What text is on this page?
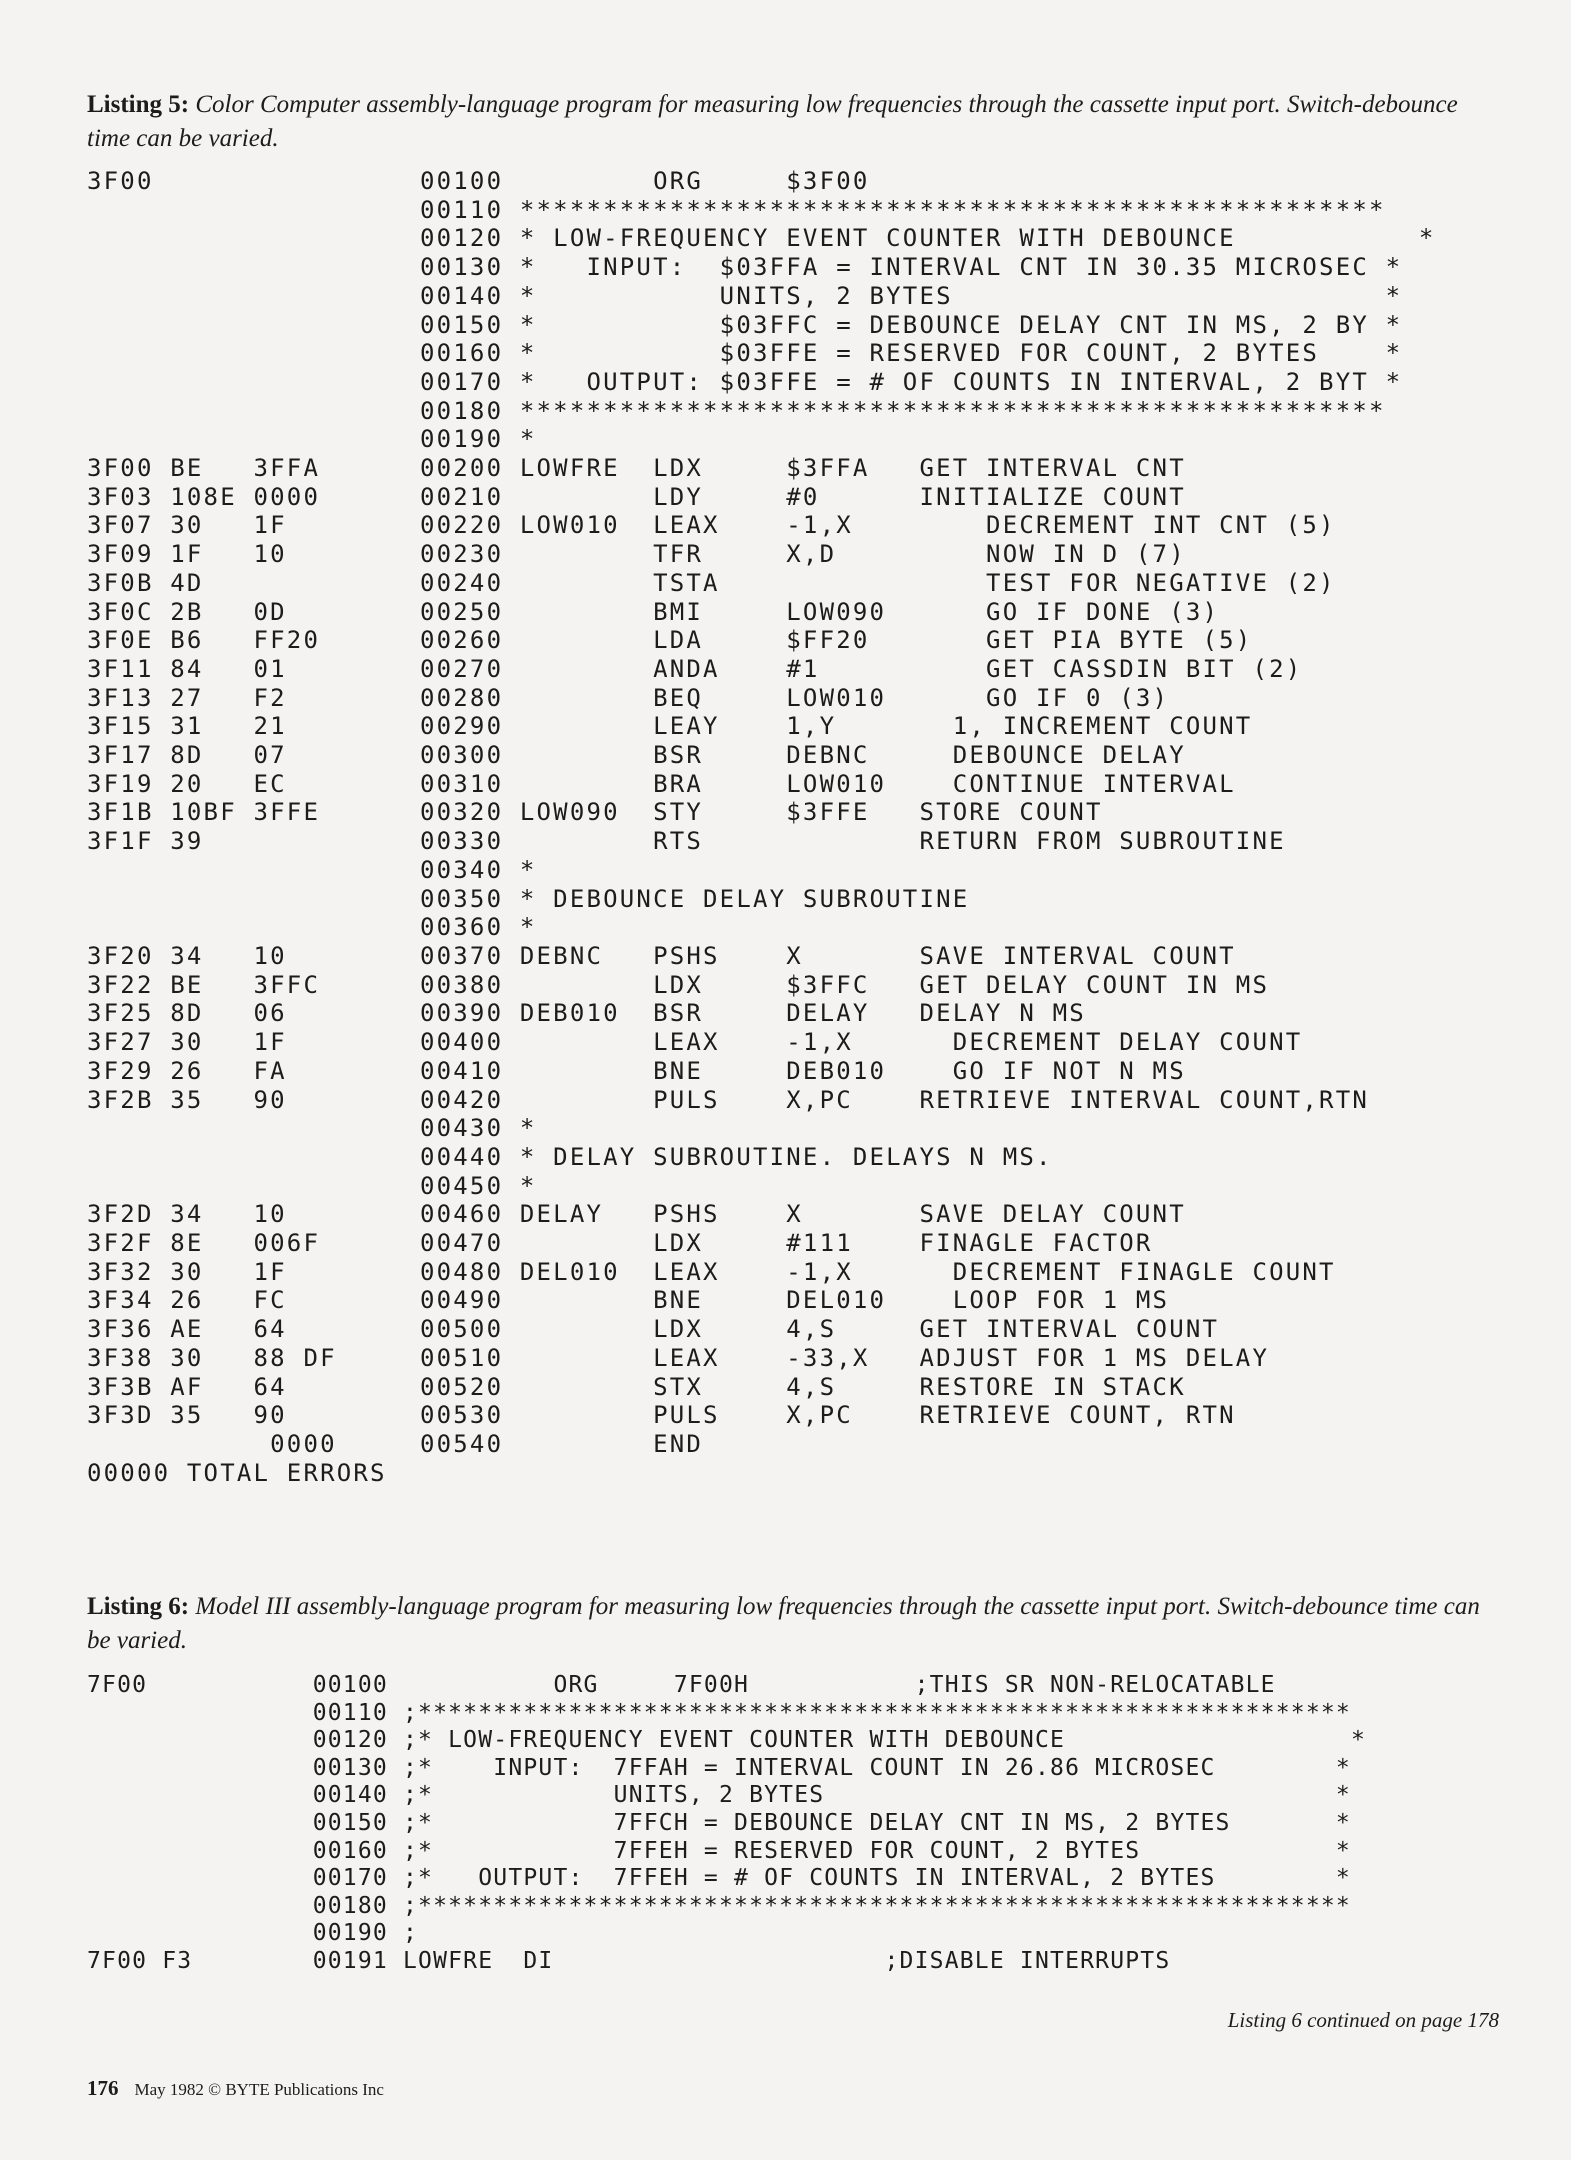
Listing 5: Color Computer assembly-language program for measuring low frequencies through the cassette input port. Switch-debounce time can be varied.
3F00                00100         ORG     $3F00
00110 ****************************************************
00120 * LOW-FREQUENCY EVENT COUNTER WITH DEBOUNCE           *
00130 *   INPUT:  $03FFA = INTERVAL CNT IN 30.35 MICROSEC *
00140 *           UNITS, 2 BYTES                          *
00150 *           $03FFC = DEBOUNCE DELAY CNT IN MS, 2 BY *
00160 *           $03FFE = RESERVED FOR COUNT, 2 BYTES    *
00170 *   OUTPUT: $03FFE = # OF COUNTS IN INTERVAL, 2 BYT *
00180 ****************************************************
00190 *
3F00 BE   3FFA      00200 LOWFRE  LDX     $3FFA   GET INTERVAL CNT
3F03 108E 0000      00210         LDY     #0      INITIALIZE COUNT
3F07 30   1F        00220 LOW010  LEAX    -1,X        DECREMENT INT CNT (5)
3F09 1F   10        00230         TFR     X,D         NOW IN D (7)
3F0B 4D             00240         TSTA                TEST FOR NEGATIVE (2)
3F0C 2B   0D        00250         BMI     LOW090      GO IF DONE (3)
3F0E B6   FF20      00260         LDA     $FF20       GET PIA BYTE (5)
3F11 84   01        00270         ANDA    #1          GET CASSDIN BIT (2)
3F13 27   F2        00280         BEQ     LOW010      GO IF 0 (3)
3F15 31   21        00290         LEAY    1,Y       1, INCREMENT COUNT
3F17 8D   07        00300         BSR     DEBNC     DEBOUNCE DELAY
3F19 20   EC        00310         BRA     LOW010    CONTINUE INTERVAL
3F1B 10BF 3FFE      00320 LOW090  STY     $3FFE   STORE COUNT
3F1F 39             00330         RTS             RETURN FROM SUBROUTINE
00340 *
00350 * DEBOUNCE DELAY SUBROUTINE
00360 *
3F20 34   10        00370 DEBNC   PSHS    X       SAVE INTERVAL COUNT
3F22 BE   3FFC      00380         LDX     $3FFC   GET DELAY COUNT IN MS
3F25 8D   06        00390 DEB010  BSR     DELAY   DELAY N MS
3F27 30   1F        00400         LEAX    -1,X      DECREMENT DELAY COUNT
3F29 26   FA        00410         BNE     DEB010    GO IF NOT N MS
3F2B 35   90        00420         PULS    X,PC    RETRIEVE INTERVAL COUNT,RTN
00430 *
00440 * DELAY SUBROUTINE. DELAYS N MS.
00450 *
3F2D 34   10        00460 DELAY   PSHS    X       SAVE DELAY COUNT
3F2F 8E   006F      00470         LDX     #111    FINAGLE FACTOR
3F32 30   1F        00480 DEL010  LEAX    -1,X      DECREMENT FINAGLE COUNT
3F34 26   FC        00490         BNE     DEL010    LOOP FOR 1 MS
3F36 AE   64        00500         LDX     4,S     GET INTERVAL COUNT
3F38 30   88 DF     00510         LEAX    -33,X   ADJUST FOR 1 MS DELAY
3F3B AF   64        00520         STX     4,S     RESTORE IN STACK
3F3D 35   90        00530         PULS    X,PC    RETRIEVE COUNT, RTN
0000     00540         END
00000 TOTAL ERRORS

Listing 6: Model III assembly-language program for measuring low frequencies through the cassette input port. Switch-debounce time can be varied.
7F00           00100           ORG     7F00H           ;THIS SR NON-RELOCATABLE
00110 ;**************************************************************
00120 ;* LOW-FREQUENCY EVENT COUNTER WITH DEBOUNCE                   *
00130 ;*    INPUT:  7FFAH = INTERVAL COUNT IN 26.86 MICROSEC        *
00140 ;*            UNITS, 2 BYTES                                  *
00150 ;*            7FFCH = DEBOUNCE DELAY CNT IN MS, 2 BYTES       *
00160 ;*            7FFEH = RESERVED FOR COUNT, 2 BYTES             *
00170 ;*   OUTPUT:  7FFEH = # OF COUNTS IN INTERVAL, 2 BYTES        *
00180 ;**************************************************************
00190 ;
7F00 F3        00191 LOWFRE  DI                      ;DISABLE INTERRUPTS

Listing 6 continued on page 178
176 May 1982 © BYTE Publications Inc
